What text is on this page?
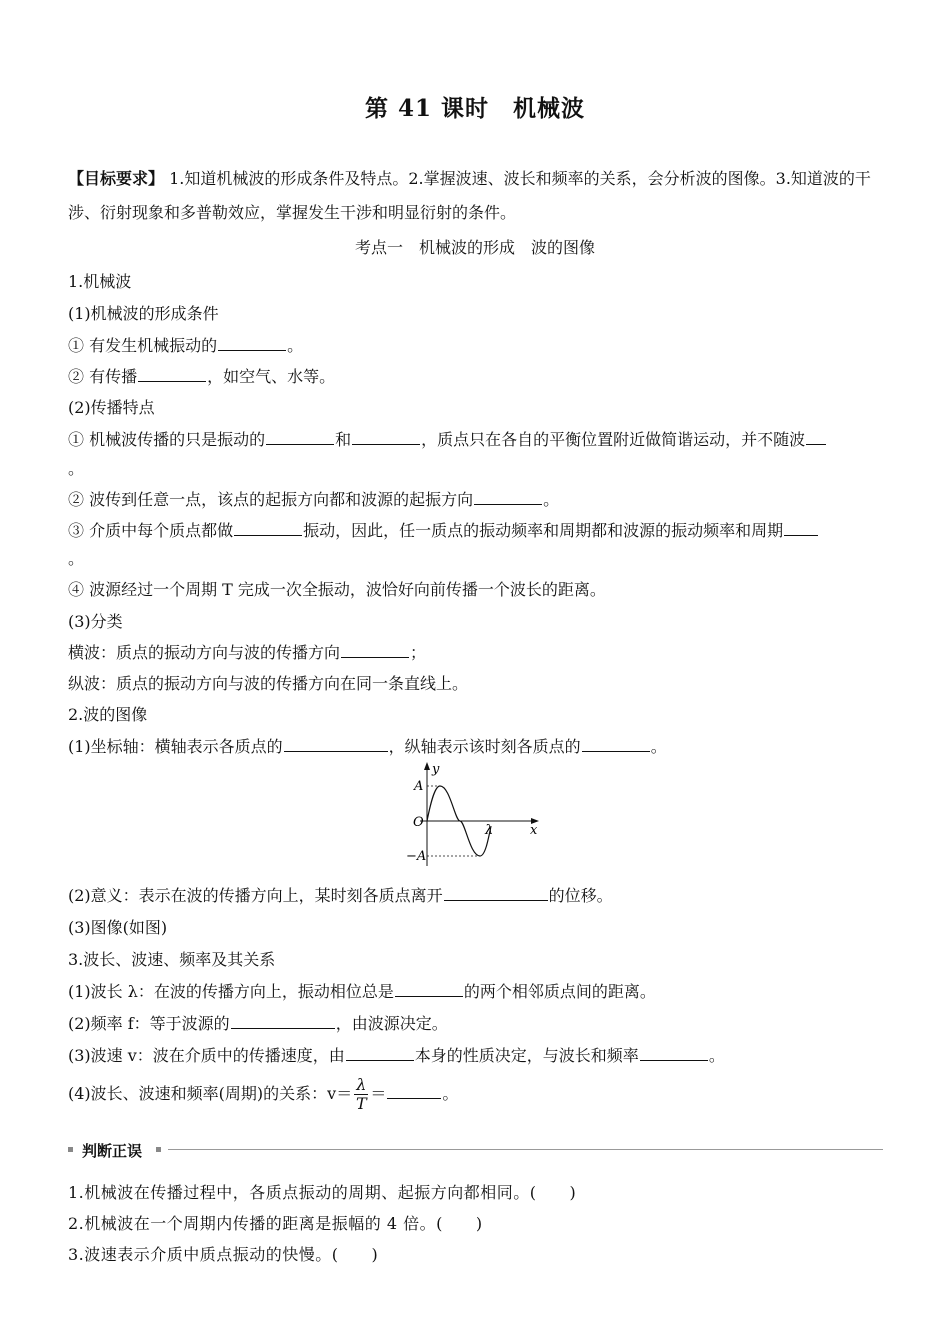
第 41 课时　机械波
【目标要求】 1.知道机械波的形成条件及特点。2.掌握波速、波长和频率的关系，会分析波的图像。3.知道波的干涉、衍射现象和多普勒效应，掌握发生干涉和明显衍射的条件。
考点一　机械波的形成　波的图像
1.机械波
(1)机械波的形成条件
① 有发生机械振动的	。
② 有传播	，如空气、水等。
(2)传播特点
① 机械波传播的只是振动的	和	，质点只在各自的平衡位置附近做简谐运动，并不随波
。
② 波传到任意一点，该点的起振方向都和波源的起振方向	。
③ 介质中每个质点都做	振动，因此，任一质点的振动频率和周期都和波源的振动频率和周期
。
④ 波源经过一个周期 T 完成一次全振动，波恰好向前传播一个波长的距离。
(3)分类
横波：质点的振动方向与波的传播方向	；
纵波：质点的振动方向与波的传播方向在同一条直线上。
2.波的图像
(1)坐标轴：横轴表示各质点的	，纵轴表示该时刻各质点的	。
y
x
A
O
−A
λ
(2)意义：表示在波的传播方向上，某时刻各质点离开	的位移。
(3)图像(如图)
3.波长、波速、频率及其关系
(1)波长 λ：在波的传播方向上，振动相位总是	的两个相邻质点间的距离。
(2)频率 f：等于波源的	，由波源决定。
(3)波速 v：波在介质中的传播速度，由	本身的性质决定，与波长和频率	。
(4)波长、波速和频率(周期)的关系：$v= \frac{\lambda}{T}$ ＝	。
判断正误
1.机械波在传播过程中，各质点振动的周期、起振方向都相同。(　　)
2.机械波在一个周期内传播的距离是振幅的 4 倍。(　　)
3.波速表示介质中质点振动的快慢。(　　)
